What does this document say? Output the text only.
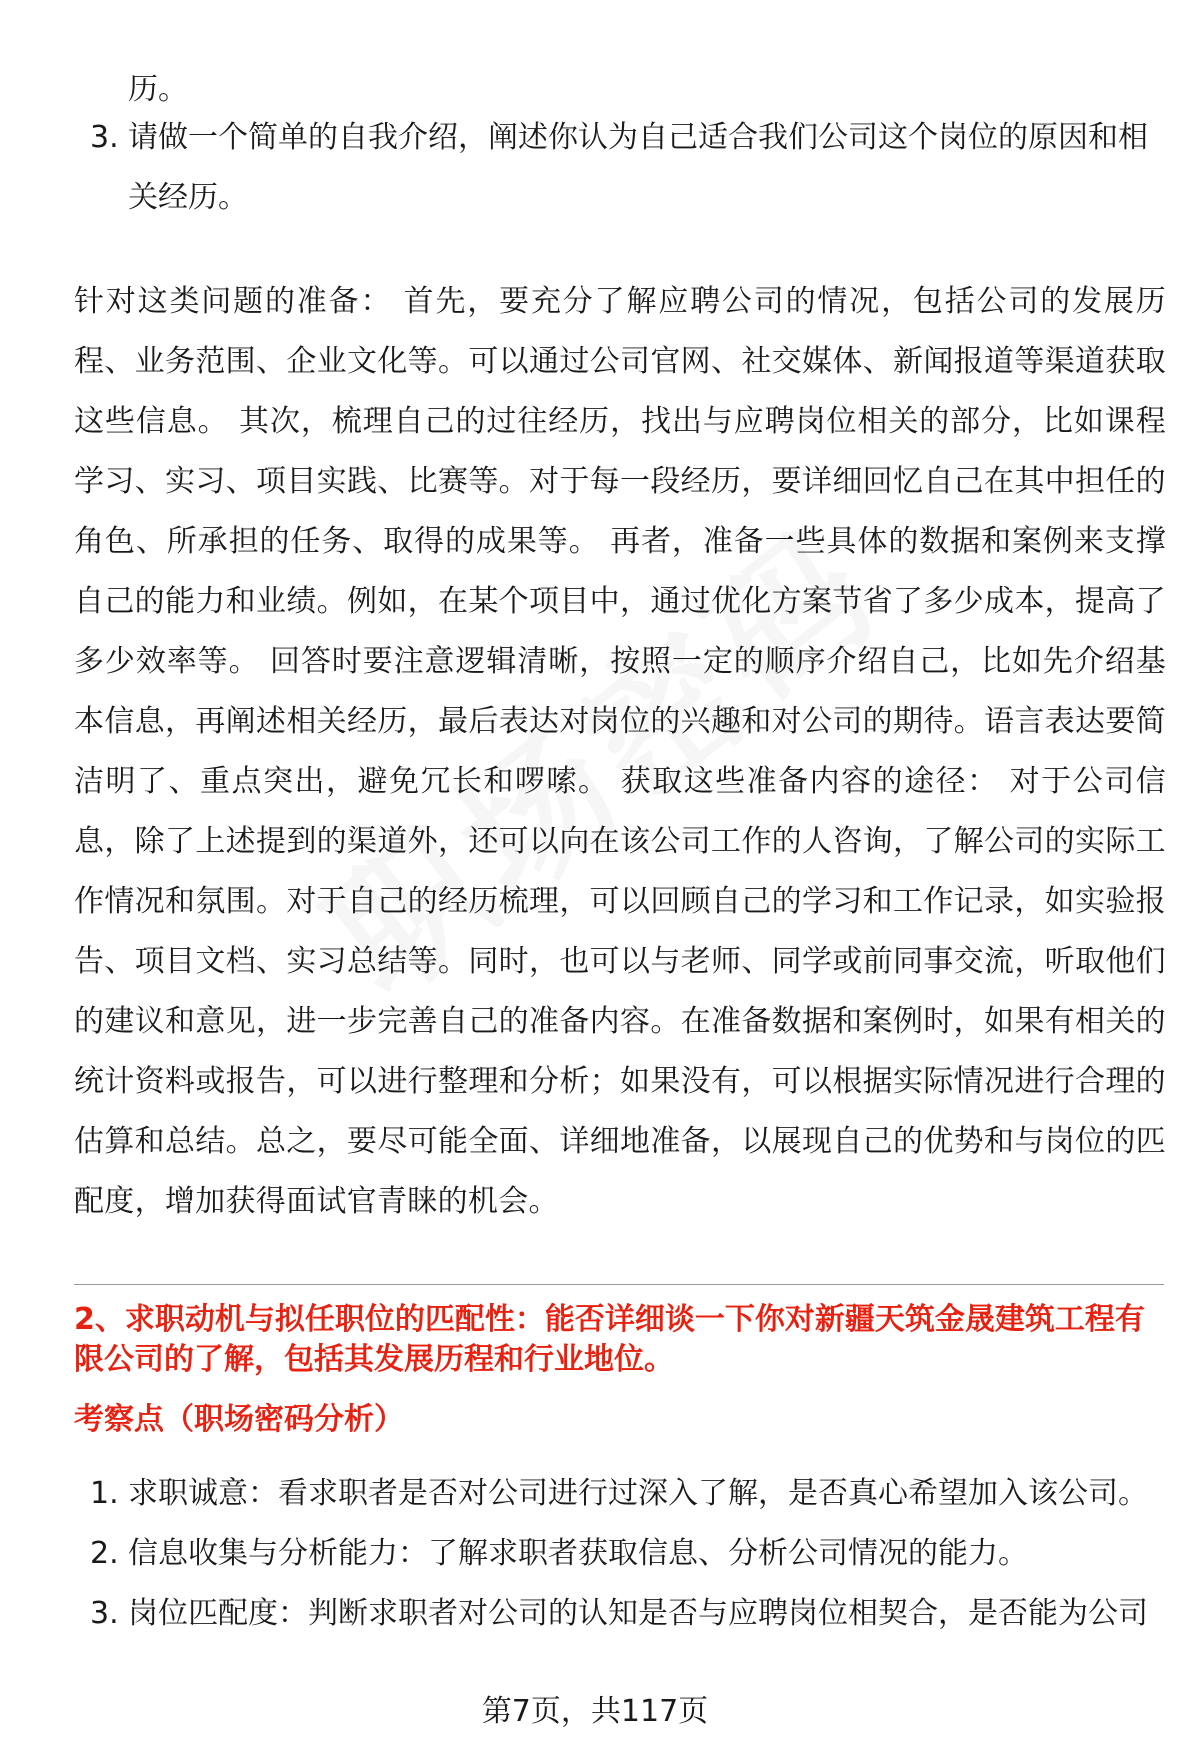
历。
3. 请做一个简单的自我介绍，阐述你认为自己适合我们公司这个岗位的原因和相关经历。
针对这类问题的准备： 首先，要充分了解应聘公司的情况，包括公司的发展历程、业务范围、企业文化等。可以通过公司官网、社交媒体、新闻报道等渠道获取这些信息。 其次，梳理自己的过往经历，找出与应聘岗位相关的部分，比如课程学习、实习、项目实践、比赛等。对于每一段经历，要详细回忆自己在其中担任的角色、所承担的任务、取得的成果等。 再者，准备一些具体的数据和案例来支撑自己的能力和业绩。例如，在某个项目中，通过优化方案节省了多少成本，提高了多少效率等。 回答时要注意逻辑清晰，按照一定的顺序介绍自己，比如先介绍基本信息，再阐述相关经历，最后表达对岗位的兴趣和对公司的期待。语言表达要简洁明了、重点突出，避免冗长和啰嗦。 获取这些准备内容的途径： 对于公司信息，除了上述提到的渠道外，还可以向在该公司工作的人咨询，了解公司的实际工作情况和氛围。对于自己的经历梳理，可以回顾自己的学习和工作记录，如实验报告、项目文档、实习总结等。同时，也可以与老师、同学或前同事交流，听取他们的建议和意见，进一步完善自己的准备内容。在准备数据和案例时，如果有相关的统计资料或报告，可以进行整理和分析；如果没有，可以根据实际情况进行合理的估算和总结。总之，要尽可能全面、详细地准备，以展现自己的优势和与岗位的匹配度，增加获得面试官青睐的机会。
2、求职动机与拟任职位的匹配性：能否详细谈一下你对新疆天筑金晟建筑工程有限公司的了解，包括其发展历程和行业地位。
考察点（职场密码分析）
1. 求职诚意：看求职者是否对公司进行过深入了解，是否真心希望加入该公司。
2. 信息收集与分析能力：了解求职者获取信息、分析公司情况的能力。
3. 岗位匹配度：判断求职者对公司的认知是否与应聘岗位相契合，是否能为公司
第7页，共117页
